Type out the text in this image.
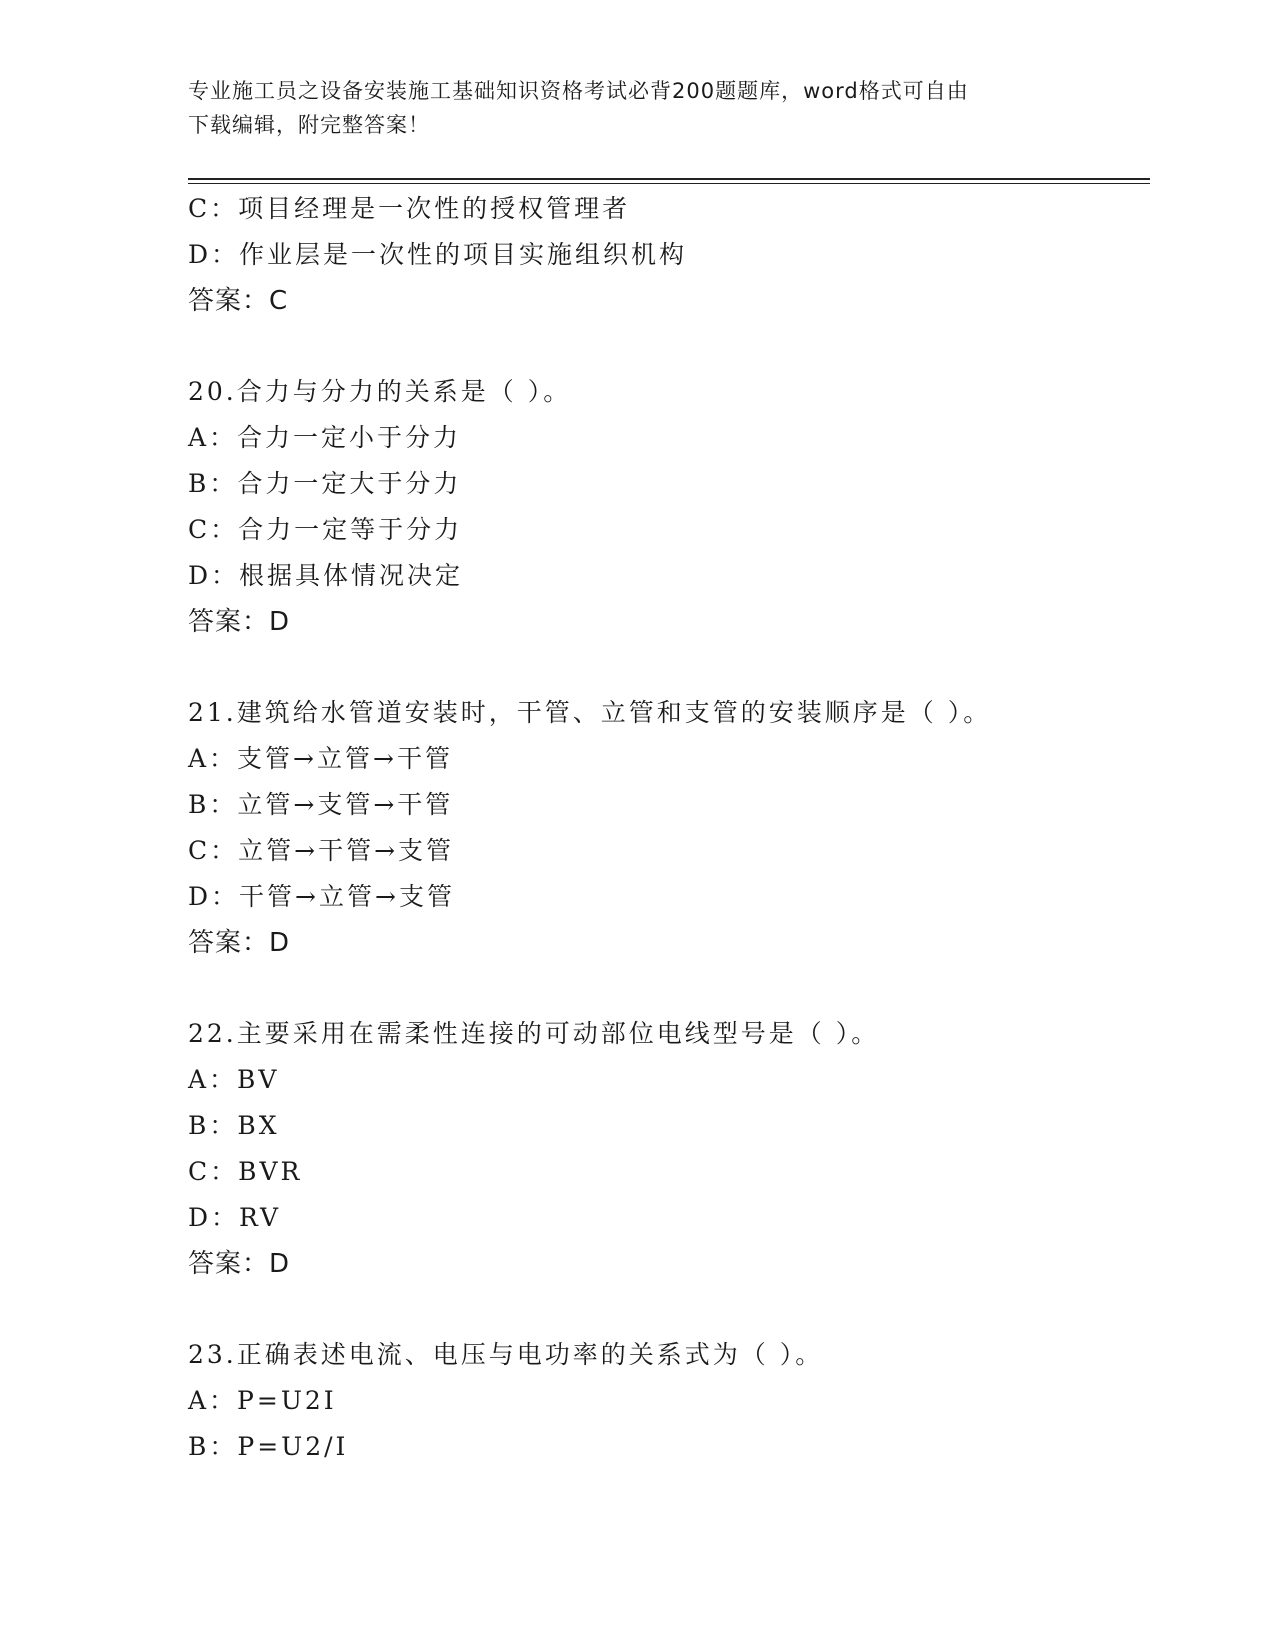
专业施工员之设备安装施工基础知识资格考试必背200题题库，word格式可自由
下载编辑，附完整答案！
C：项目经理是一次性的授权管理者
D：作业层是一次性的项目实施组织机构
答案：C
20.合力与分力的关系是（ ）。
A：合力一定小于分力
B：合力一定大于分力
C：合力一定等于分力
D：根据具体情况决定
答案：D
21.建筑给水管道安装时，干管、立管和支管的安装顺序是（ ）。
A：支管→立管→干管
B：立管→支管→干管
C：立管→干管→支管
D：干管→立管→支管
答案：D
22.主要采用在需柔性连接的可动部位电线型号是（ ）。
A：BV
B：BX
C：BVR
D：RV
答案：D
23.正确表述电流、电压与电功率的关系式为（ ）。
A：P=U2I
B：P=U2/I
